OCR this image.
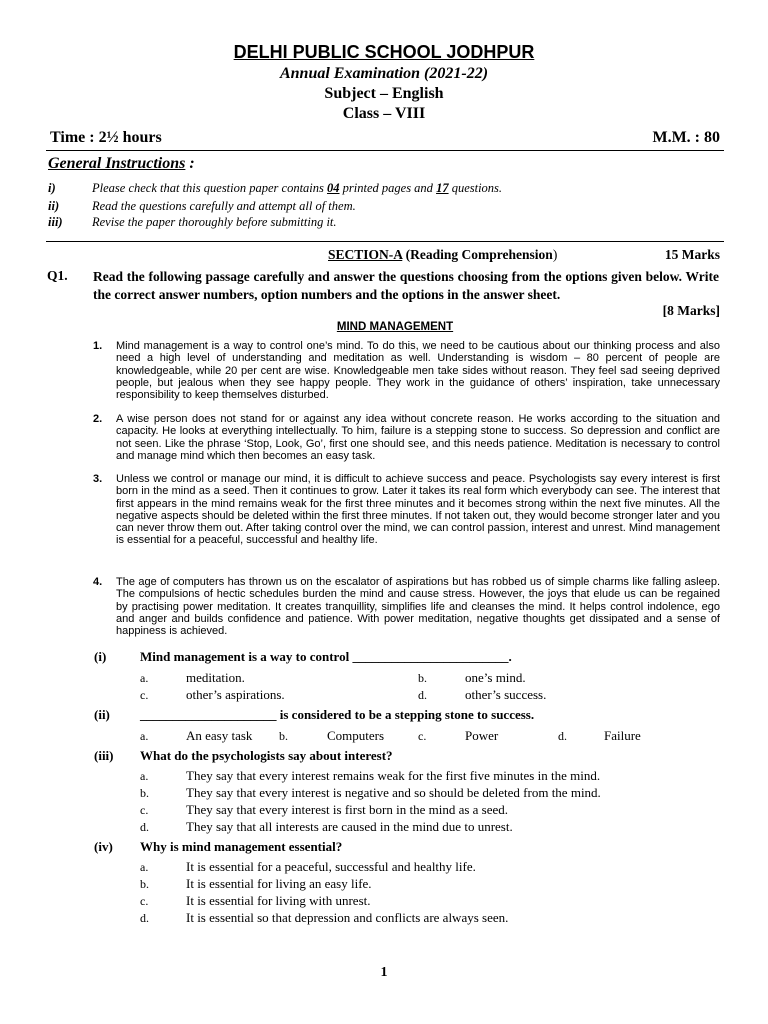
DELHI PUBLIC SCHOOL JODHPUR
Annual Examination (2021-22)
Subject – English
Class – VIII
Time : 2½ hours	M.M. : 80
General Instructions :
i)	Please check that this question paper contains 04 printed pages and 17 questions.
ii)	Read the questions carefully and attempt all of them.
iii) Revise the paper thoroughly before submitting it.
SECTION-A (Reading Comprehension)	15 Marks
Q1. Read the following passage carefully and answer the questions choosing from the options given below. Write the correct answer numbers, option numbers and the options in the answer sheet.
[8 Marks]
MIND MANAGEMENT
1. Mind management is a way to control one’s mind. To do this, we need to be cautious about our thinking process and also need a high level of understanding and meditation as well. Understanding is wisdom – 80 percent of people are knowledgeable, while 20 per cent are wise. Knowledgeable men take sides without reason. They feel sad seeing deprived people, but jealous when they see happy people. They work in the guidance of others’ inspiration, take unnecessary responsibility to keep themselves disturbed.
2. A wise person does not stand for or against any idea without concrete reason. He works according to the situation and capacity. He looks at everything intellectually. To him, failure is a stepping stone to success. So depression and conflict are not seen. Like the phrase ‘Stop, Look, Go’, first one should see, and this needs patience. Meditation is necessary to control and manage mind which then becomes an easy task.
3. Unless we control or manage our mind, it is difficult to achieve success and peace. Psychologists say every interest is first born in the mind as a seed. Then it continues to grow. Later it takes its real form which everybody can see. The interest that first appears in the mind remains weak for the first three minutes and it becomes strong within the next five minutes. All the negative aspects should be deleted within the first three minutes. If not taken out, they would become stronger later and you can never throw them out. After taking control over the mind, we can control passion, interest and unrest. Mind management is essential for a peaceful, successful and healthy life.
4. The age of computers has thrown us on the escalator of aspirations but has robbed us of simple charms like falling asleep. The compulsions of hectic schedules burden the mind and cause stress. However, the joys that elude us can be regained by practising power meditation. It creates tranquillity, simplifies life and cleanses the mind. It helps control indolence, ego and anger and builds confidence and patience. With power meditation, negative thoughts get dissipated and a sense of happiness is achieved.
(i)	Mind management is a way to control ________________________.
a.	meditation.	b.	one’s mind.
c.	other’s aspirations.	d.	other’s success.
(ii) _____________________ is considered to be a stepping stone to success.
a.	An easy task b.	Computers	c.	Power	d.	Failure
(iii) What do the psychologists say about interest?
a.	They say that every interest remains weak for the first five minutes in the mind.
b.	They say that every interest is negative and so should be deleted from the mind.
c.	They say that every interest is first born in the mind as a seed.
d.	They say that all interests are caused in the mind due to unrest.
(iv) Why is mind management essential?
a.	It is essential for a peaceful, successful and healthy life.
b.	It is essential for living an easy life.
c.	It is essential for living with unrest.
d.	It is essential so that depression and conflicts are always seen.
1
